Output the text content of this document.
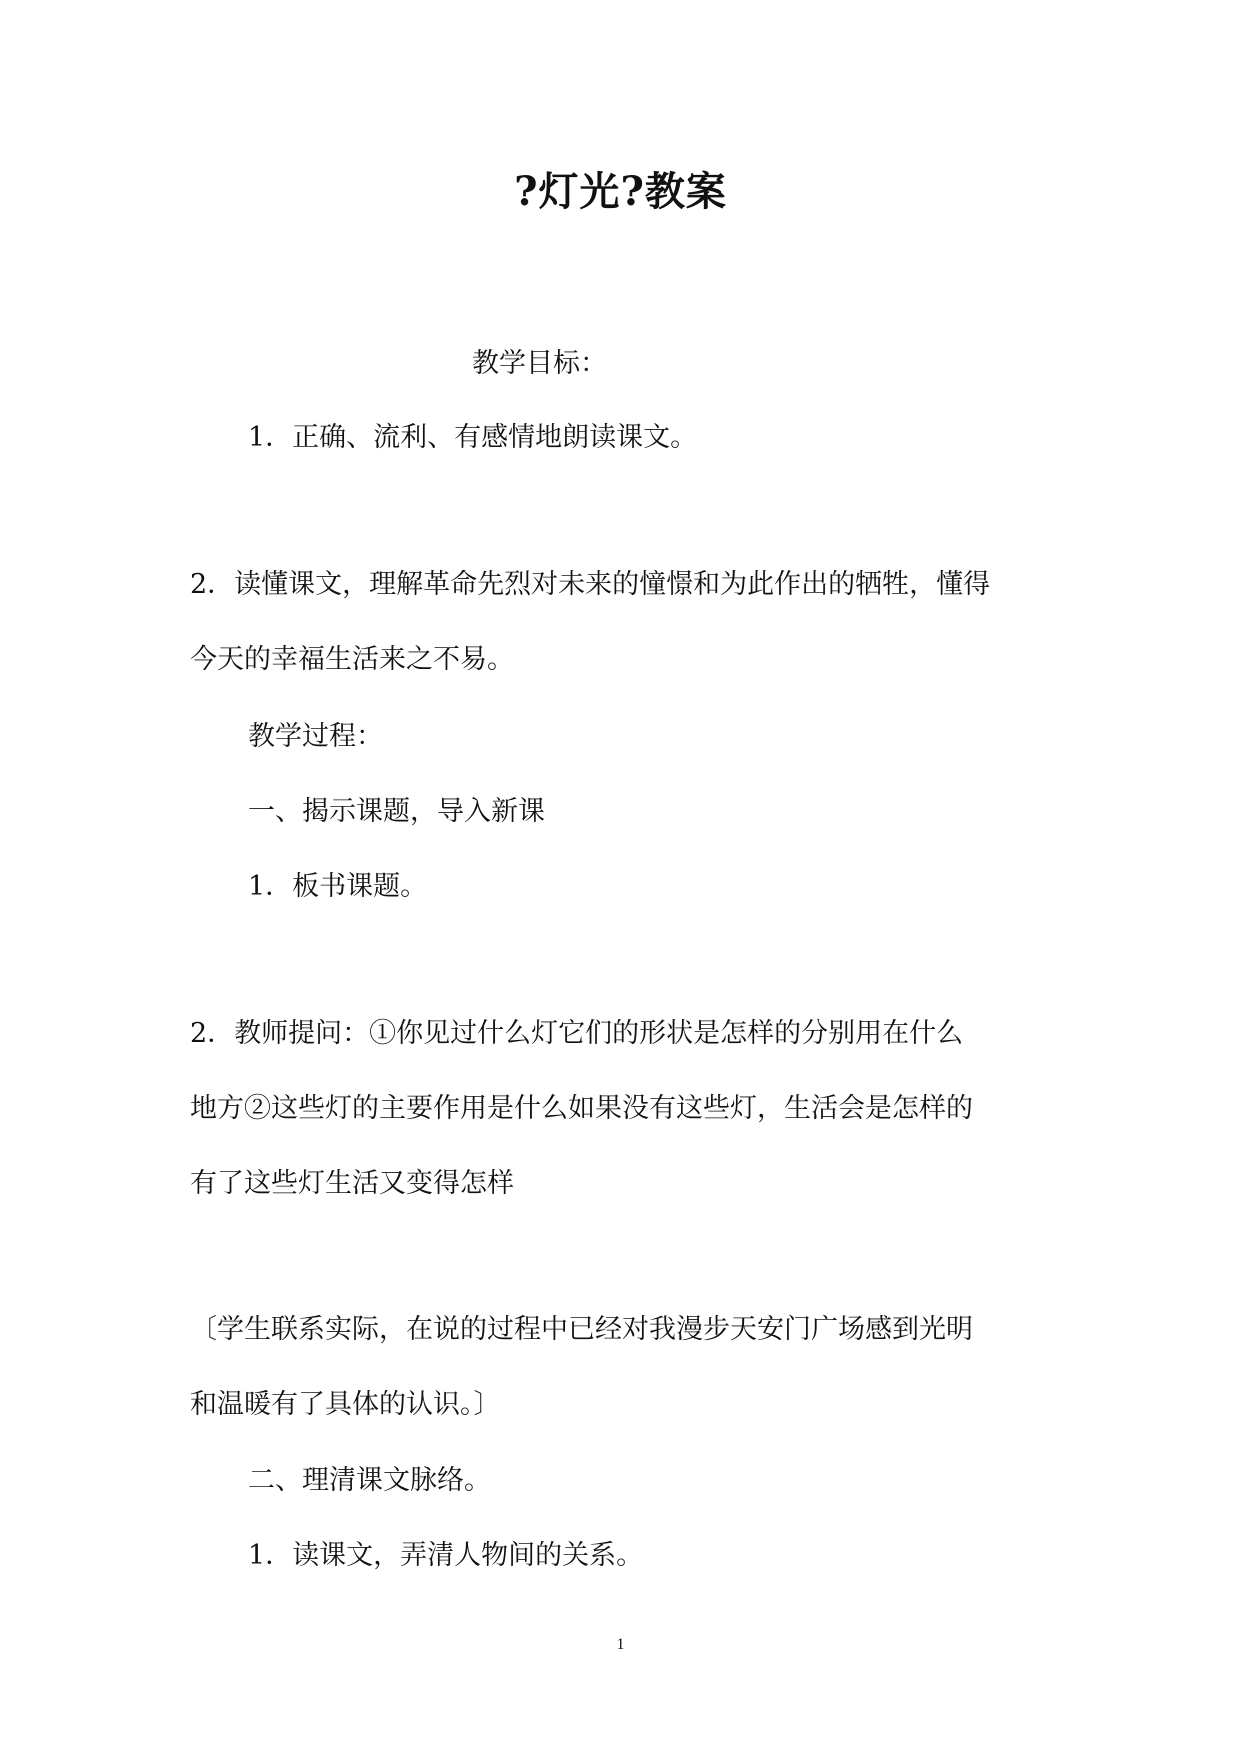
?灯光?教案
教学目标：
1．正确、流利、有感情地朗读课文。
2．读懂课文，理解革命先烈对未来的憧憬和为此作出的牺牲，懂得
今天的幸福生活来之不易。
教学过程：
一、揭示课题，导入新课
1．板书课题。
2．教师提问：①你见过什么灯它们的形状是怎样的分别用在什么
地方②这些灯的主要作用是什么如果没有这些灯，生活会是怎样的
有了这些灯生活又变得怎样
〔学生联系实际，在说的过程中已经对我漫步天安门广场感到光明
和温暖有了具体的认识。〕
二、理清课文脉络。
1．读课文，弄清人物间的关系。
1
